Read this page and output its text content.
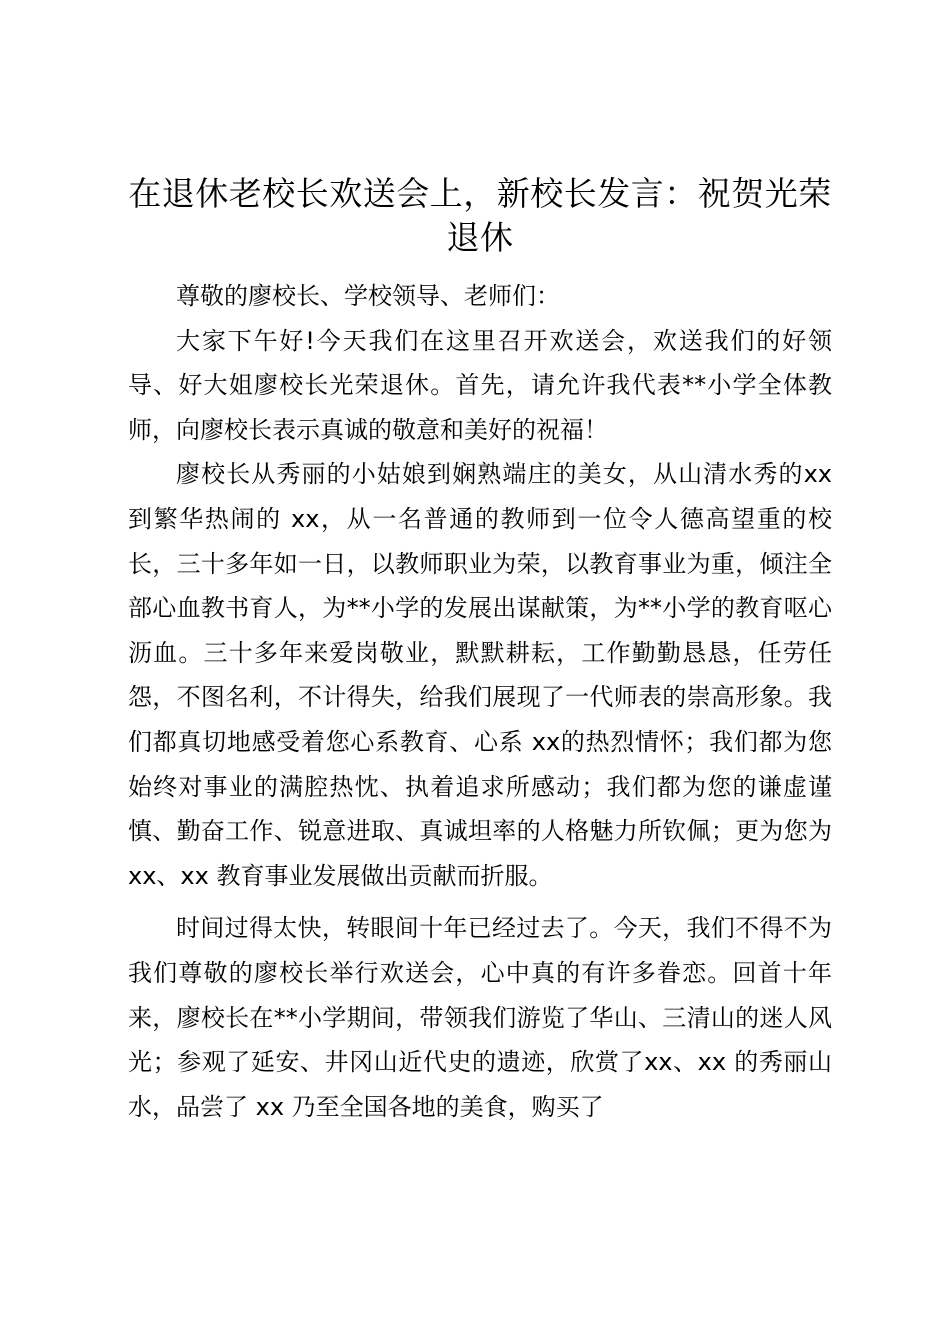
在退休老校长欢送会上，新校长发言：祝贺光荣退休

尊敬的廖校长、学校领导、老师们：

大家下午好!今天我们在这里召开欢送会，欢送我们的好领导、好大姐廖校长光荣退休。首先，请允许我代表**小学全体教师，向廖校长表示真诚的敬意和美好的祝福！

廖校长从秀丽的小姑娘到娴熟端庄的美女，从山清水秀的xx 到繁华热闹的 xx，从一名普通的教师到一位令人德高望重的校长，三十多年如一日，以教师职业为荣，以教育事业为重，倾注全部心血教书育人，为**小学的发展出谋献策，为**小学的教育呕心沥血。三十多年来爱岗敬业，默默耕耘，工作勤勤恳恳，任劳任怨，不图名利，不计得失，给我们展现了一代师表的崇高形象。我们都真切地感受着您心系教育、心系 xx的热烈情怀；我们都为您始终对事业的满腔热忱、执着追求所感动；我们都为您的谦虚谨慎、勤奋工作、锐意进取、真诚坦率的人格魅力所钦佩；更为您为 xx、xx 教育事业发展做出贡献而折服。

时间过得太快，转眼间十年已经过去了。今天，我们不得不为我们尊敬的廖校长举行欢送会，心中真的有许多眷恋。回首十年来，廖校长在**小学期间，带领我们游览了华山、三清山的迷人风光；参观了延安、井冈山近代史的遗迹，欣赏了xx、xx 的秀丽山水，品尝了 xx 乃至全国各地的美食，购买了
